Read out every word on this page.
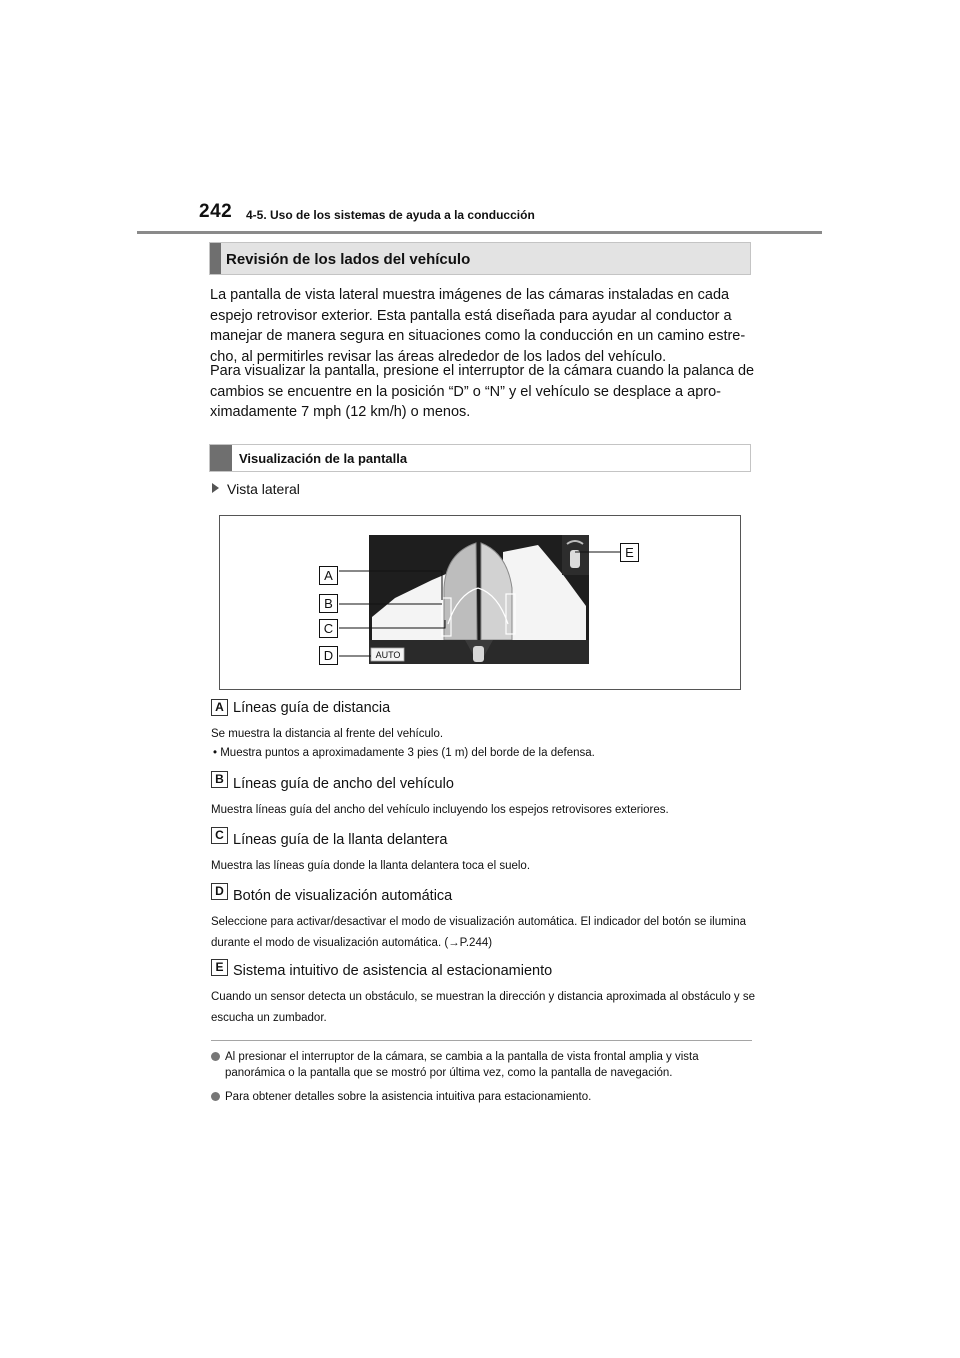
242 4-5. Uso de los sistemas de ayuda a la conducción
Revisión de los lados del vehículo
La pantalla de vista lateral muestra imágenes de las cámaras instaladas en cada espejo retrovisor exterior. Esta pantalla está diseñada para ayudar al conductor a manejar de manera segura en situaciones como la conducción en un camino estre-cho, al permitirles revisar las áreas alrededor de los lados del vehículo.
Para visualizar la pantalla, presione el interruptor de la cámara cuando la palanca de cambios se encuentre en la posición “D” o “N” y el vehículo se desplace a apro-ximadamente 7 mph (12 km/h) o menos.
Visualización de la pantalla
Vista lateral
AUTO
A
B
C
D
E
A Líneas guía de distancia
Se muestra la distancia al frente del vehículo.
• Muestra puntos a aproximadamente 3 pies (1 m) del borde de la defensa.
B Líneas guía de ancho del vehículo
Muestra líneas guía del ancho del vehículo incluyendo los espejos retrovisores exteriores.
C Líneas guía de la llanta delantera
Muestra las líneas guía donde la llanta delantera toca el suelo.
D Botón de visualización automática
Seleccione para activar/desactivar el modo de visualización automática. El indicador del botón se ilumina durante el modo de visualización automática. (→P.244)
E Sistema intuitivo de asistencia al estacionamiento
Cuando un sensor detecta un obstáculo, se muestran la dirección y distancia aproximada al obstáculo y se escucha un zumbador.
Al presionar el interruptor de la cámara, se cambia a la pantalla de vista frontal amplia y vista panorámica o la pantalla que se mostró por última vez, como la pantalla de navegación.
Para obtener detalles sobre la asistencia intuitiva para estacionamiento.
